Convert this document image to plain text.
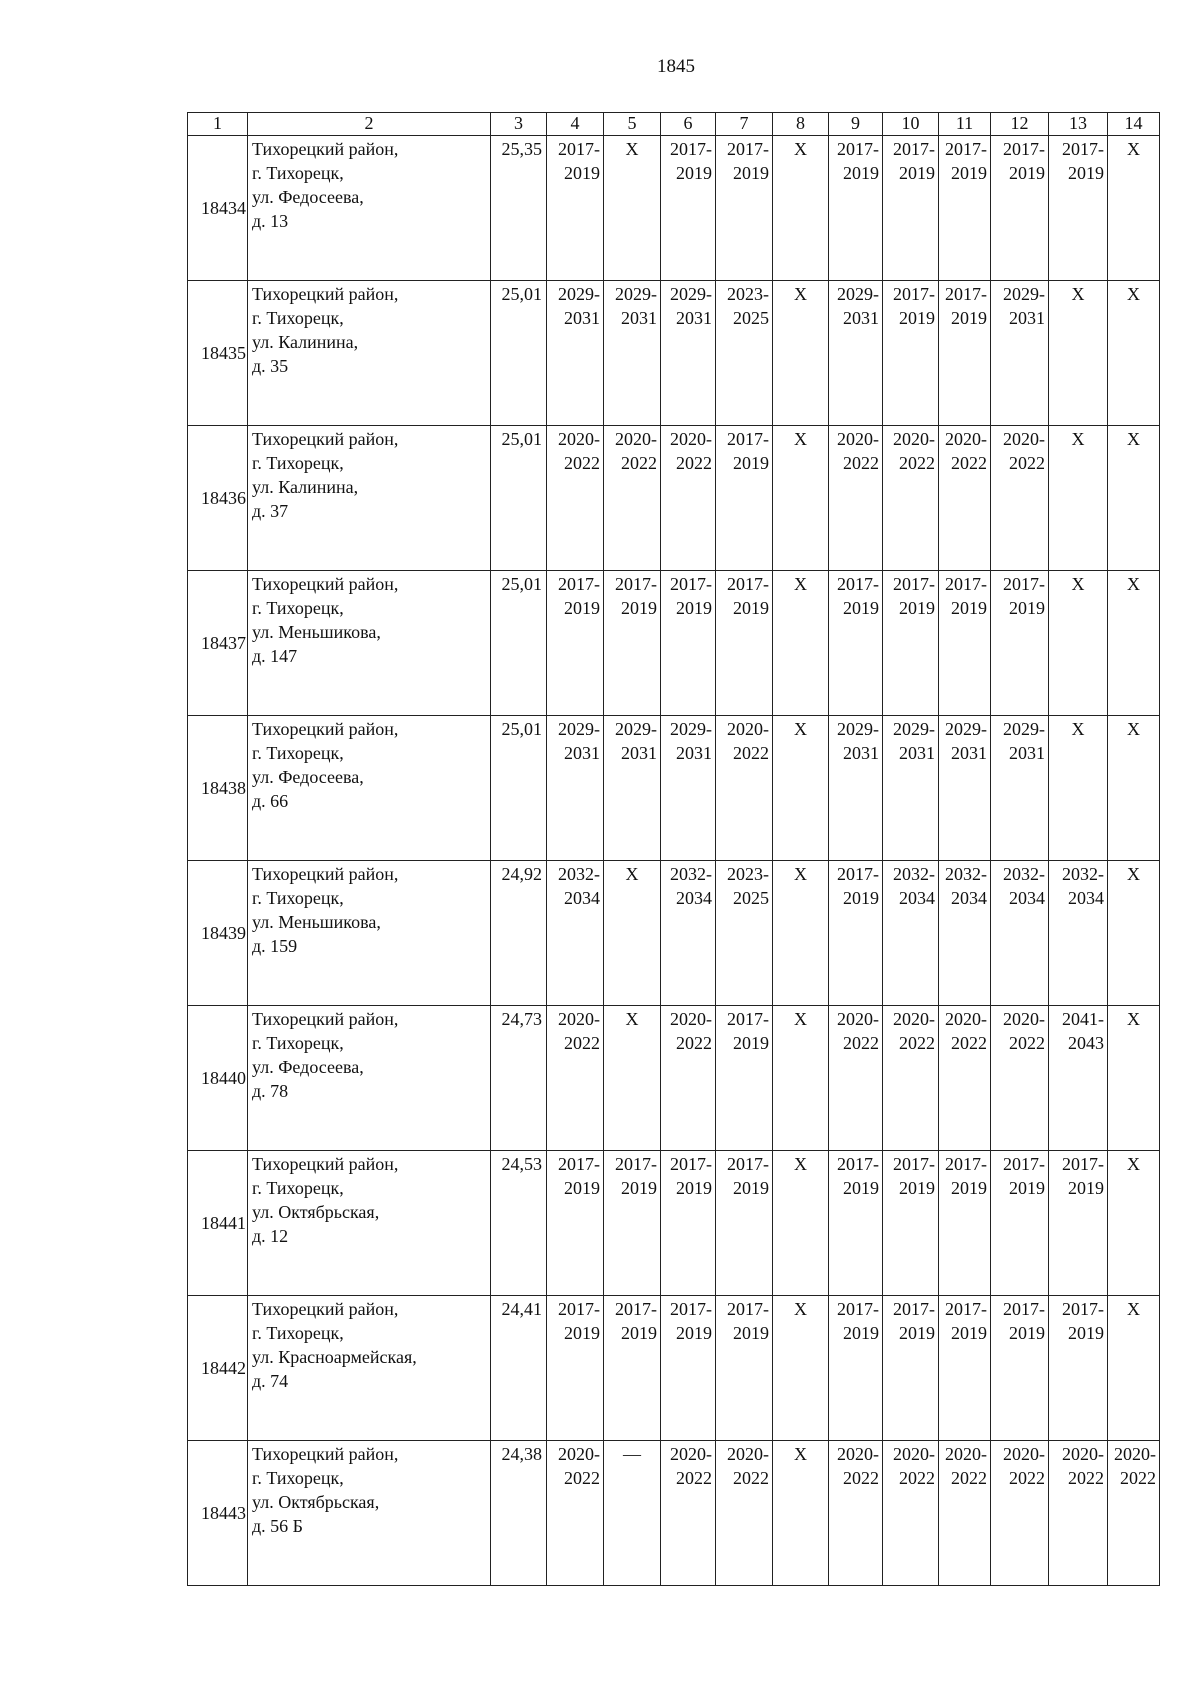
1845
1	2	3	4	5	6	7	8	9	10	11	12	13	14
18434	Тихорецкий район,
г. Тихорецк,
ул. Федосеева,
д. 13	25,35	2017-
2019	X	2017-
2019	2017-
2019	X	2017-
2019	2017-
2019	2017-
2019	2017-
2019	2017-
2019	X

18435	Тихорецкий район,
г. Тихорецк,
ул. Калинина,
д. 35	25,01	2029-
2031	2029-
2031	2029-
2031	2023-
2025	X	2029-
2031	2017-
2019	2017-
2019	2029-
2031	X	X

18436	Тихорецкий район,
г. Тихорецк,
ул. Калинина,
д. 37	25,01	2020-
2022	2020-
2022	2020-
2022	2017-
2019	X	2020-
2022	2020-
2022	2020-
2022	2020-
2022	X	X

18437	Тихорецкий район,
г. Тихорецк,
ул. Меньшикова,
д. 147	25,01	2017-
2019	2017-
2019	2017-
2019	2017-
2019	X	2017-
2019	2017-
2019	2017-
2019	2017-
2019	X	X

18438	Тихорецкий район,
г. Тихорецк,
ул. Федосеева,
д. 66	25,01	2029-
2031	2029-
2031	2029-
2031	2020-
2022	X	2029-
2031	2029-
2031	2029-
2031	2029-
2031	X	X

18439	Тихорецкий район,
г. Тихорецк,
ул. Меньшикова,
д. 159	24,92	2032-
2034	X	2032-
2034	2023-
2025	X	2017-
2019	2032-
2034	2032-
2034	2032-
2034	2032-
2034	X

18440	Тихорецкий район,
г. Тихорецк,
ул. Федосеева,
д. 78	24,73	2020-
2022	X	2020-
2022	2017-
2019	X	2020-
2022	2020-
2022	2020-
2022	2020-
2022	2041-
2043	X

18441	Тихорецкий район,
г. Тихорецк,
ул. Октябрьская,
д. 12	24,53	2017-
2019	2017-
2019	2017-
2019	2017-
2019	X	2017-
2019	2017-
2019	2017-
2019	2017-
2019	2017-
2019	X

18442	Тихорецкий район,
г. Тихорецк,
ул. Красноармейская,
д. 74	24,41	2017-
2019	2017-
2019	2017-
2019	2017-
2019	X	2017-
2019	2017-
2019	2017-
2019	2017-
2019	2017-
2019	X

18443	Тихорецкий район,
г. Тихорецк,
ул. Октябрьская,
д. 56 Б	24,38	2020-
2022	—	2020-
2022	2020-
2022	X	2020-
2022	2020-
2022	2020-
2022	2020-
2022	2020-
2022	2020-
2022
